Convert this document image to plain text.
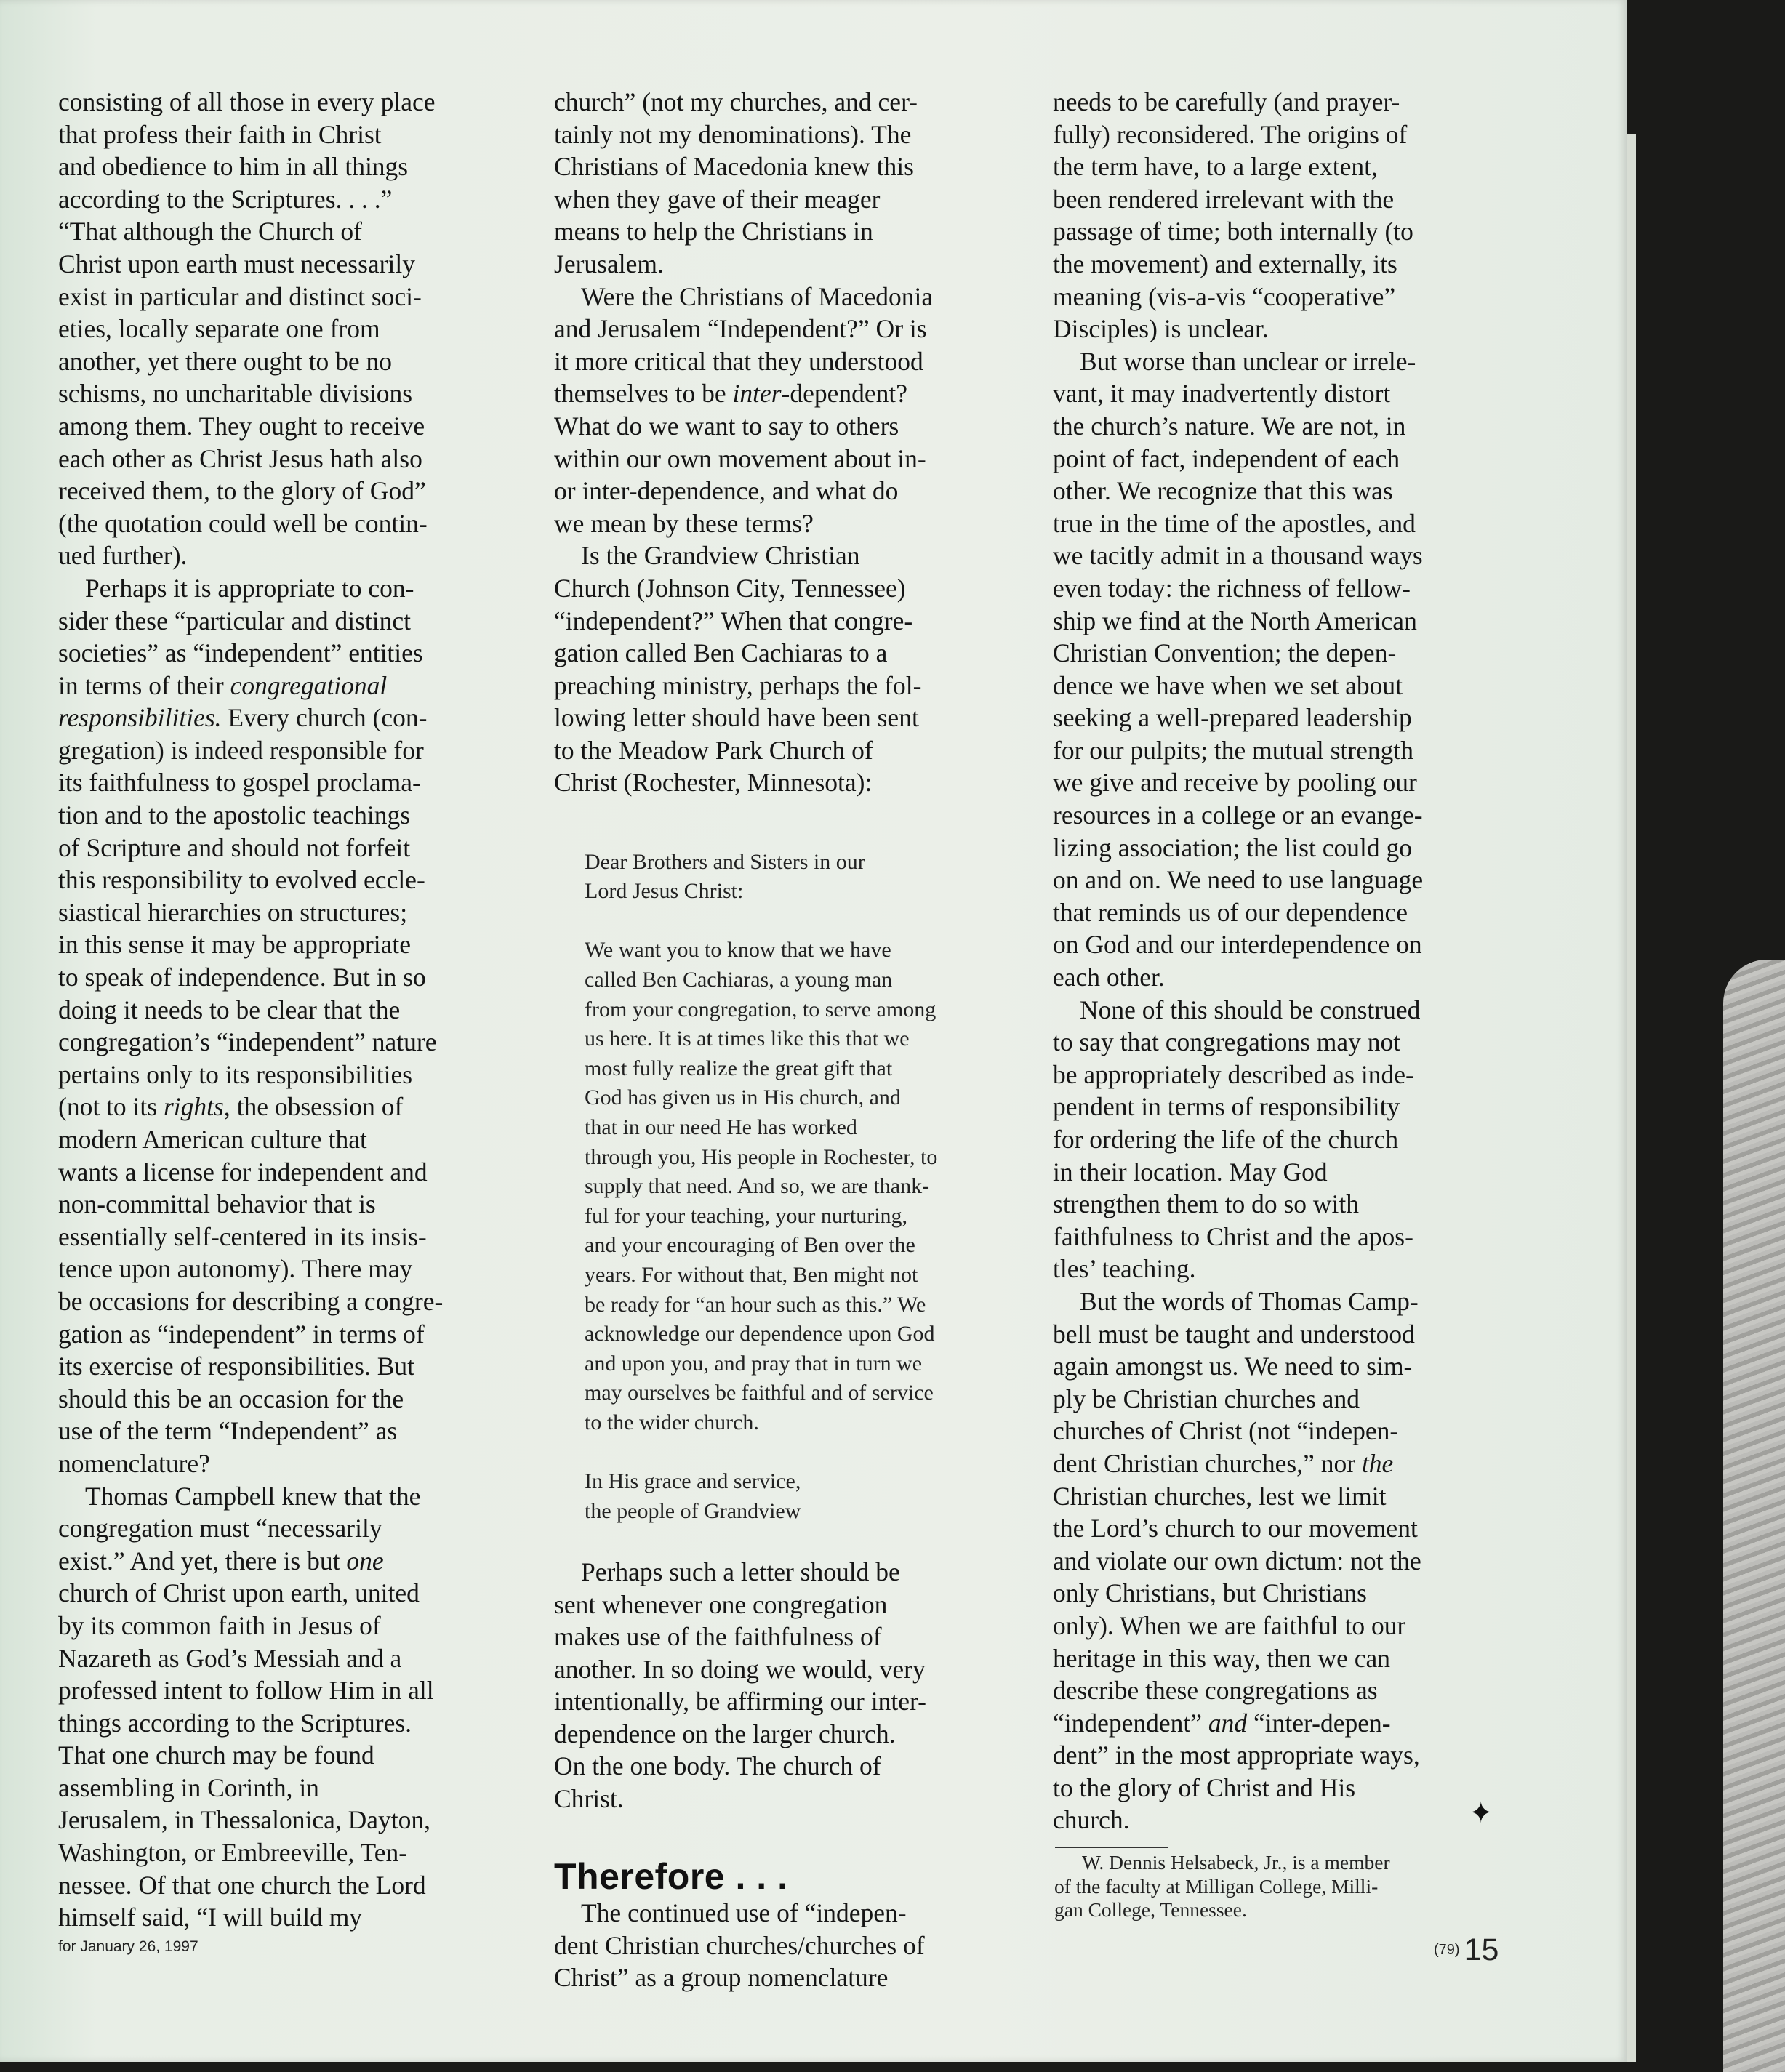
consisting of all those in every place
that profess their faith in Christ
and obedience to him in all things
according to the Scriptures. . . .”
“That although the Church of
Christ upon earth must necessarily
exist in particular and distinct soci-
eties, locally separate one from
another, yet there ought to be no
schisms, no uncharitable divisions
among them. They ought to receive
each other as Christ Jesus hath also
received them, to the glory of God”
(the quotation could well be contin-
ued further).

Perhaps it is appropriate to con-
sider these “particular and distinct
societies” as “independent” entities
in terms of their congregational
responsibilities. Every church (con-
gregation) is indeed responsible for
its faithfulness to gospel proclama-
tion and to the apostolic teachings
of Scripture and should not forfeit
this responsibility to evolved eccle-
siastical hierarchies on structures;
in this sense it may be appropriate
to speak of independence. But in so
doing it needs to be clear that the
congregation’s “independent” nature
pertains only to its responsibilities
(not to its rights, the obsession of
modern American culture that
wants a license for independent and
non-committal behavior that is
essentially self-centered in its insis-
tence upon autonomy). There may
be occasions for describing a congre-
gation as “independent” in terms of
its exercise of responsibilities. But
should this be an occasion for the
use of the term “Independent” as
nomenclature?

Thomas Campbell knew that the
congregation must “necessarily
exist.” And yet, there is but one
church of Christ upon earth, united
by its common faith in Jesus of
Nazareth as God’s Messiah and a
professed intent to follow Him in all
things according to the Scriptures.
That one church may be found
assembling in Corinth, in
Jerusalem, in Thessalonica, Dayton,
Washington, or Embreeville, Ten-
nessee. Of that one church the Lord
himself said, “I will build my

church” (not my churches, and cer-
tainly not my denominations). The
Christians of Macedonia knew this
when they gave of their meager
means to help the Christians in
Jerusalem.

Were the Christians of Macedonia
and Jerusalem “Independent?” Or is
it more critical that they understood
themselves to be inter-dependent?
What do we want to say to others
within our own movement about in-
or inter-dependence, and what do
we mean by these terms?

Is the Grandview Christian
Church (Johnson City, Tennessee)
“independent?” When that congre-
gation called Ben Cachiaras to a
preaching ministry, perhaps the fol-
lowing letter should have been sent
to the Meadow Park Church of
Christ (Rochester, Minnesota):

Dear Brothers and Sisters in our
Lord Jesus Christ:

We want you to know that we have
called Ben Cachiaras, a young man
from your congregation, to serve among
us here. It is at times like this that we
most fully realize the great gift that
God has given us in His church, and
that in our need He has worked
through you, His people in Rochester, to
supply that need. And so, we are thank-
ful for your teaching, your nurturing,
and your encouraging of Ben over the
years. For without that, Ben might not
be ready for “an hour such as this.” We
acknowledge our dependence upon God
and upon you, and pray that in turn we
may ourselves be faithful and of service
to the wider church.

In His grace and service,
the people of Grandview

Perhaps such a letter should be
sent whenever one congregation
makes use of the faithfulness of
another. In so doing we would, very
intentionally, be affirming our inter-
dependence on the larger church.
On the one body. The church of
Christ.

Therefore . . .

The continued use of “indepen-
dent Christian churches/churches of
Christ” as a group nomenclature

needs to be carefully (and prayer-
fully) reconsidered. The origins of
the term have, to a large extent,
been rendered irrelevant with the
passage of time; both internally (to
the movement) and externally, its
meaning (vis-a-vis “cooperative”
Disciples) is unclear.

But worse than unclear or irrele-
vant, it may inadvertently distort
the church’s nature. We are not, in
point of fact, independent of each
other. We recognize that this was
true in the time of the apostles, and
we tacitly admit in a thousand ways
even today: the richness of fellow-
ship we find at the North American
Christian Convention; the depen-
dence we have when we set about
seeking a well-prepared leadership
for our pulpits; the mutual strength
we give and receive by pooling our
resources in a college or an evange-
lizing association; the list could go
on and on. We need to use language
that reminds us of our dependence
on God and our interdependence on
each other.

None of this should be construed
to say that congregations may not
be appropriately described as inde-
pendent in terms of responsibility
for ordering the life of the church
in their location. May God
strengthen them to do so with
faithfulness to Christ and the apos-
tles’ teaching.

But the words of Thomas Camp-
bell must be taught and understood
again amongst us. We need to sim-
ply be Christian churches and
churches of Christ (not “indepen-
dent Christian churches,” nor the
Christian churches, lest we limit
the Lord’s church to our movement
and violate our own dictum: not the
only Christians, but Christians
only). When we are faithful to our
heritage in this way, then we can
describe these congregations as
“independent” and “inter-depen-
dent” in the most appropriate ways,
to the glory of Christ and His
church.	✦
W. Dennis Helsabeck, Jr., is a member
of the faculty at Milligan College, Milli-
gan College, Tennessee.
for January 26, 1997	(79) 15
